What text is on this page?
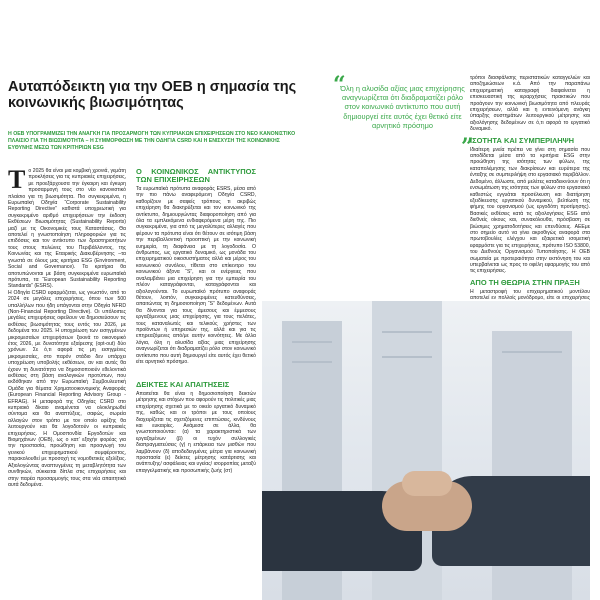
Αυταπόδεικτη για την OEB η σημασία της κοινωνικής βιωσιμότητας
Η OEB ΥΠΟΓΡΑΜΜΙΖΕΙ ΤΗΝ ΑΝΑΓΚΗ ΓΙΑ ΠΡΟΣΑΡΜΟΓΗ ΤΩΝ ΚΥΠΡΙΑΚΩΝ ΕΠΙΧΕΙΡΗΣΕΩΝ ΣΤΟ ΝΕΟ ΚΑΝΟΝΙΣΤΙΚΟ ΠΛΑΙΣΙΟ ΓΙΑ ΤΗ ΒΙΩΣΙΜΟΤΗΤΑ – Η ΣΥΜΜΟΡΦΩΣΗ ΜΕ ΤΗΝ ΟΔΗΓΙΑ CSRD ΚΑΙ Η ΕΝΙΣΧΥΣΗ ΤΗΣ ΚΟΙΝΩΝΙΚΗΣ ΕΥΘΥΝΗΣ ΜΕΣΩ ΤΩΝ ΚΡΙΤΗΡΙΩΝ ESG
“
Όλη η αλυσίδα αξίας μιας επιχείρησης αναγνωρίζεται ότι διαδραματίζει ρόλο στον κοινωνικό αντίκτυπο που αυτή δημιουργεί είτε αυτός έχει θετικό είτε αρνητικό πρόσημο
”

Το 2025 θα είναι μια κομβική χρονιά, γεμάτη προκλήσεις για τις κυπριακές επιχειρήσεις, με προεξάρχουσα την έγκαιρη και έγκυρη προσαρμογή τους στο νέο κανονιστικό πλαίσιο για τη βιωσιμότητα. Πιο συγκεκριμένα, η Ευρωπαϊκή Οδηγία “Corporate Sustainability Reporting Directive” καθιστά υποχρεωτική για συγκεκριμένο αριθμό επιχειρήσεων την έκδοση Εκθέσεων Βιωσιμότητας (Sustainability Reports) μαζί με τις Οικονομικές τους Καταστάσεις. Θα αποτελεί η γνωστοποίηση πληροφοριών για τις επιδόσεις και τον αντίκτυπο των δραστηριοτήτων τους στους πυλώνες του Περιβάλλοντος, της Κοινωνίας και της Εταιρικής Διακυβέρνησης –τα γνωστά σε όλους μας κριτήρια ESG (Environment, Social and Governance). Τα κριτήρια θα αποτυπώνονται με βάση συγκεκριμένα ευρωπαϊκά πρότυπα, τα “European Sustainability Reporting Standards” (ESRS).

Η Οδηγία CSRD εφαρμόζεται, ως γνωστόν, από το 2024 σε μεγάλες επιχειρήσεις, όπου των 500 υπαλλήλων που ήδη υπάγονται στην Οδηγία NFRD (Non-Financial Reporting Directive). Οι υπόλοιπες μεγάλες επιχειρήσεις οφείλουν να δημοσιεύσουν τις εκθέσεις βιωσιμότητας τους εντός του 2026, με δεδομένα του 2025. Η υποχρέωση των εισηγμένων μικρομεσαίων επιχειρήσεων ξεκινά το οικονομικό έτος 2026, με δυνατότητα εξαίρεσης (opt-out) δύο χρόνων. Σε ό,τι αφορά τις μη εισηγμένες μικρομεσαίες, στο παρόν στάδιο δεν υπάρχει υποχρέωση υποβολής εκθέσεων, αν και αυτές θα έχουν τη δυνατότητα να δημοσιοποιούν εθελοντικά εκθέσεις στη βάση αναλογικών προτύπων, που εκδόθηκαν από την Ευρωπαϊκή Συμβουλευτική Ομάδα για θέματα Χρηματοοικονομικής Αναφοράς (European Financial Reporting Advisory Group - EFRAG). Η μεταφορά της Οδηγίας CSRD στο κυπριακό δίκαιο αναμένεται να ολοκληρωθεί σύντομα και θα αναπτύξεις, σαφώς, σωρεία αλλαγών στον τρόπο με τον οποίο εφέξης θα λειτουργούν και θα λογοδοτούν οι κυπριακές επιχειρήσεις. Η Ομοσπονδία Εργοδοτών και Βιομηχάνων (OEB), ως ο κατ’ εξοχήν φορέας για την προστασία, προώθηση και προαγωγή του γενικού επιχειρηματικού συμφέροντος, παρακολουθεί με προσοχή τις νομοθετικές εξελίξεις. Αξιολογώντας αναπτυγμένες τη μεταβλητότητα των συνθηκών, σύκκειται δίπλα στις επιχειρήσεις και στην παρέα προσαρμογής τους στα νέα απαιτητικά αυτά δεδομένα.

Ο ΚΟΙΝΩΝΙΚΟΣ ΑΝΤΙΚΤΥΠΟΣ ΤΩΝ ΕΠΙΧΕΙΡΗΣΕΩΝ

Τα ευρωπαϊκά πρότυπα αναφοράς ESRS, μέσα από την πιο πάνω αναφερόμενη Οδηγία CSRD, καθορίζουν με σαφείς τρόπους τι ακριβώς επιχείρηση θα διακηρύξεται και τον κοινωνικό της αντίκτυπο, δημιουργώντας διαφοροποίηση από για όλα τα εμπλεκόμενα ενδιαφερόμενα μέρη της. Πιο συγκεκριμένα, για από τις μεγαλύτερες αλλαγές που φέρουν τα πρότυπα είναι ότι θέτουν σε ισότιμη βάση την περιβαλλοντική προοπτική με την κοινωνική ευημερία, τη διαφάνεια με τη λογοδοσία. Ο άνθρωπος, ως εργατικό δυναμικό, ως μονάδα του επιχειρηματικού οικοσυστήματος αλλά και μέρος του κοινωνικού συνόλου, τίθεται στο επίκεντρο του κοινωνικού άξονα “S”, και οι ενέργειες που αναλαμβάνει μια επιχείρηση για την εμπειρία του πλέον καταγράφονται, καταγράφονται και αξιολογούνται. Το ευρωπαϊκό πρότυπο αναφοράς θέτουν, λοιπόν, συγκεκριμένες κατευθύνσεις, απαιτώντας τη δημοσιοποίηση “S” δεδομένων. Αυτά θα δίνονται για τους άμεσους και έμμεσους εργαζόμενους μιας επιχείρησης, για τους πελάτες, τους καταναλωτές και τελικούς χρήστες των προϊόντων ή υπηρεσιών της, αλλά και για τις επηρεαζόμενες από/με αυτήν κοινότητες. Με άλλα λόγια, όλη η αλυσίδα αξίας μιας επιχείρησης αναγνωρίζεται ότι διαδραματίζει ρόλο στον κοινωνικό αντίκτυπο που αυτή δημιουργεί είτε αυτός έχει θετικό είτε αρνητικό πρόσημο.

ΔΕΙΚΤΕΣ ΚΑΙ ΑΠΑΙΤΗΣΕΙΣ

Απαιτείται θα είναι η δημοσιοποίηση δεικτών μέτρησης και στόχων που αφορούν τις πολιτικές μιας επιχείρησης σχετικά με το οικείο εργατικό δυναμικό της, καθώς και οι τρόποι με τους οποίους διαχειρίζεται τις σχετιζόμενες επιπτώσεις, κινδύνους και ευκαιρίες. Ανάμεσα σε άλλα, θα γνωστοποιούνται: (α) τα χαρακτηριστικά των εργαζομένων (β) οι τυχόν συλλογικές διαπραγματεύσεις (γ) η επάρκεια των μισθών που λαμβάνουν (δ) αποδεδειγμένες μέτρα για κοινωνική προστασία (ε) δείκτες μέτρησης κατάρτισης και ανάπτυξης/ ασφάλειας και υγείας/ ισορροπίας μεταξύ επαγγελματικής και προσωπικής ζωής (στ)

τρόποι διασφάλισης περιστατικών καταγγελιών και αποζημιώσεων κ.ά. Από την παραπάνω επιχειρηματική καταγραφή διαφαίνεται η επισκευαστική της ιεραρχήσεις πρακτικών που προάγουν την κοινωνική βιωσιμότητα από πλευράς επιχειρήσεων, αλλά και η εντεινόμενη ανάγκη ύπαρξης συστημάτων λειτουργικού μέτρησης και αξιολόγησης δεδομένων σε ό,τι αφορά το εργατικό δυναμικό.

ΙΣΟΤΗΤΑ ΚΑΙ ΣΥΜΠΕΡΙΛΗΨΗ

Ιδιαίτερη μνεία πρέπει να γίνει στη σημασία που αποδίδεται μέσα από τα κριτήρια ESG στην προώθηση της ισότητας των φύλων, της καταπολέμησης των διακρίσεων και ευρύτερα της ένταξης σε συμπεριλήψη στο εργασιακό περιβάλλον. Δεδομένο, άλλωστε, από μελέτες καταδεικνύουν ότι η ενσωμάτωση της ισότητας των φύλων στο εργασιακό καθεστώς εγγυάται προσέλκυση και διατήρηση εξειδίκευσης εργατικού δυναμικού, βελτίωση της φήμης του οργανισμού (ως εργοδότη προτίμησης). Βασικές εκθέσεις κατά τις αξιολογήσεις ESG από διεθνείς οίκους και, συνακόλουθα, πρόσβαση σε βιώσιμες χρηματοδοτήσεις και επενδύσεις. ΑΕΕμε στο σημείο αυτό να γίνει ακροθιγώς αναφορά στα πρωτοβουλίες ελέγχου και εξαιρετικά ισομετική εφαρμόστε για τις επιχειρήσεις, πρότυπο ISO 53800, του Διεθνούς Οργανισμού Τυποποίησης. Η OEB σωματεία με προτεραιότητα στην εκπόνηση του και υπερβαίνεται ως προς το οφέλη εφαρμογής του από τις επιχειρήσεις.

ΑΠΟ ΤΗ ΘΕΩΡΙΑ ΣΤΗΝ ΠΡΑΞΗ

Η μεταστροφή του επιχειρηματικού μοντέλου αποτελεί εν πολλοίς μονόδρομο, είτε οι επιχειρήσεις
